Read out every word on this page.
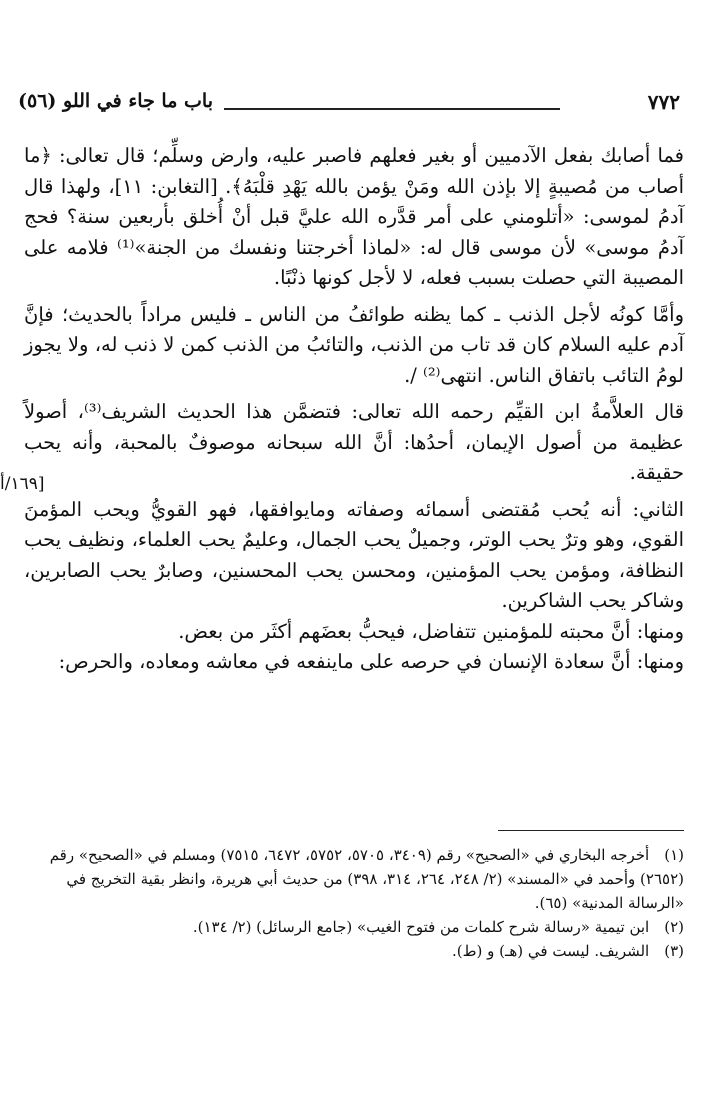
٧٧٢
باب ما جاء في اللو (٥٦)

فما أصابك بفعل الآدميين أو بغير فعلهم فاصبر عليه، وارض وسلِّم؛ قال تعالى: ﴿ما أصاب من مُصيبةٍ إلا بإذن الله ومَنْ يؤمن بالله يَهْدِ قلْبَهُ﴾. [التغابن: ١١]، ولهذا قال آدمُ لموسى: «أتلومني على أمر قدَّره الله عليَّ قبل أنْ أُخلق بأربعين سنة؟ فحج آدمُ موسى» لأن موسى قال له: «لماذا أخرجتنا ونفسك من الجنة»⁽¹⁾ فلامه على المصيبة التي حصلت بسبب فعله، لا لأجل كونها ذنْبًا.

وأمَّا كونُه لأجل الذنب ـ كما يظنه طوائفُ من الناس ـ فليس مراداً بالحديث؛ فإنَّ آدم عليه السلام كان قد تاب من الذنب، والتائبُ من الذنب كمن لا ذنب له، ولا يجوز لومُ التائب باتفاق الناس. انتهى⁽²⁾ /.

قال العلاَّمةُ ابن القيِّم رحمه الله تعالى: فتضمَّن هذا الحديث الشريف⁽³⁾، أصولاً عظيمة من أصول الإيمان، أحدُها: أنَّ الله سبحانه موصوفٌ بالمحبة، وأنه يحب حقيقة.

الثاني: أنه يُحب مُقتضى أسمائه وصفاته ومايوافقها، فهو القويُّ ويحب المؤمنَ القوي، وهو وترٌ يحب الوتر، وجميلٌ يحب الجمال، وعليمٌ يحب العلماء، ونظيف يحب النظافة، ومؤمن يحب المؤمنين، ومحسن يحب المحسنين، وصابرٌ يحب الصابرين، وشاكر يحب الشاكرين.

ومنها: أنَّ محبته للمؤمنين تتفاضل، فيحبُّ بعضَهم أكثَر من بعض.

ومنها: أنَّ سعادة الإنسان في حرصه على ماينفعه في معاشه ومعاده، والحرص:

١٦٩/أ]

(١) أخرجه البخاري في «الصحيح» رقم (٣٤٠٩، ٥٧٠٥، ٥٧٥٢، ٦٤٧٢، ٧٥١٥) ومسلم في «الصحيح» رقم (٢٦٥٢) وأحمد في «المسند» (٢/ ٢٤٨، ٢٦٤، ٣١٤، ٣٩٨) من حديث أبي هريرة، وانظر بقية التخريج في «الرسالة المدنية» (٦٥).

(٢) ابن تيمية «رسالة شرح كلمات من فتوح الغيب» (جامع الرسائل) (٢/ ١٣٤).

(٣) الشريف. ليست في (هـ) و (ط).
